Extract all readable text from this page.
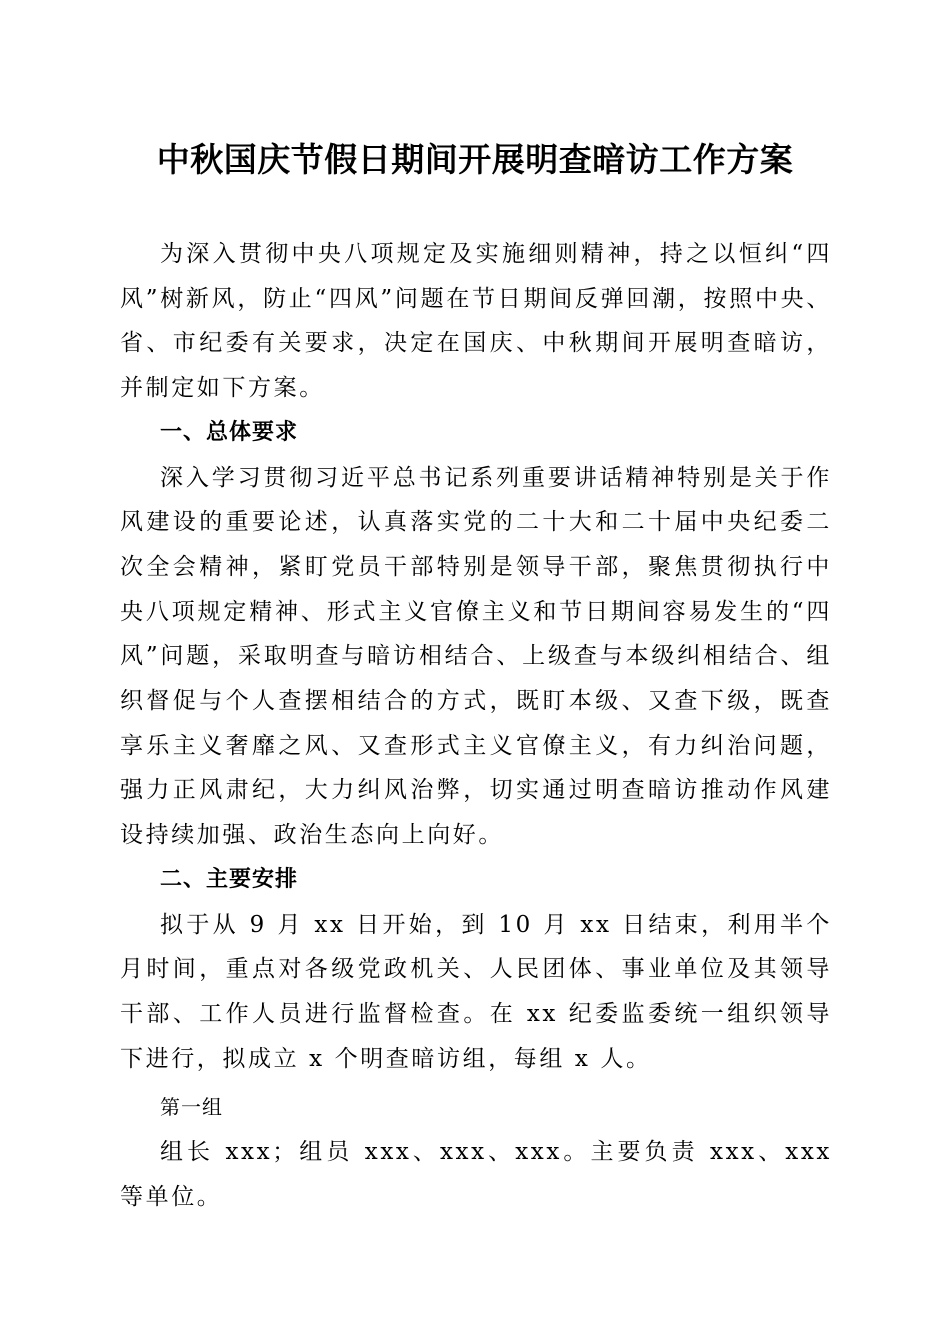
中秋国庆节假日期间开展明查暗访工作方案

为深入贯彻中央八项规定及实施细则精神，持之以恒纠“四风”树新风，防止“四风”问题在节日期间反弹回潮，按照中央、省、市纪委有关要求，决定在国庆、中秋期间开展明查暗访，并制定如下方案。

一、总体要求

深入学习贯彻习近平总书记系列重要讲话精神特别是关于作风建设的重要论述，认真落实党的二十大和二十届中央纪委二次全会精神，紧盯党员干部特别是领导干部，聚焦贯彻执行中央八项规定精神、形式主义官僚主义和节日期间容易发生的“四风”问题，采取明查与暗访相结合、上级查与本级纠相结合、组织督促与个人查摆相结合的方式，既盯本级、又查下级，既查享乐主义奢靡之风、又查形式主义官僚主义，有力纠治问题，强力正风肃纪，大力纠风治弊，切实通过明查暗访推动作风建设持续加强、政治生态向上向好。

二、主要安排

拟于从 9 月 xx 日开始，到 10 月 xx 日结束，利用半个月时间，重点对各级党政机关、人民团体、事业单位及其领导干部、工作人员进行监督检查。在 xx 纪委监委统一组织领导下进行，拟成立 x 个明查暗访组，每组 x 人。

第一组

组长 xxx；组员 xxx、xxx、xxx。主要负责 xxx、xxx 等单位。
